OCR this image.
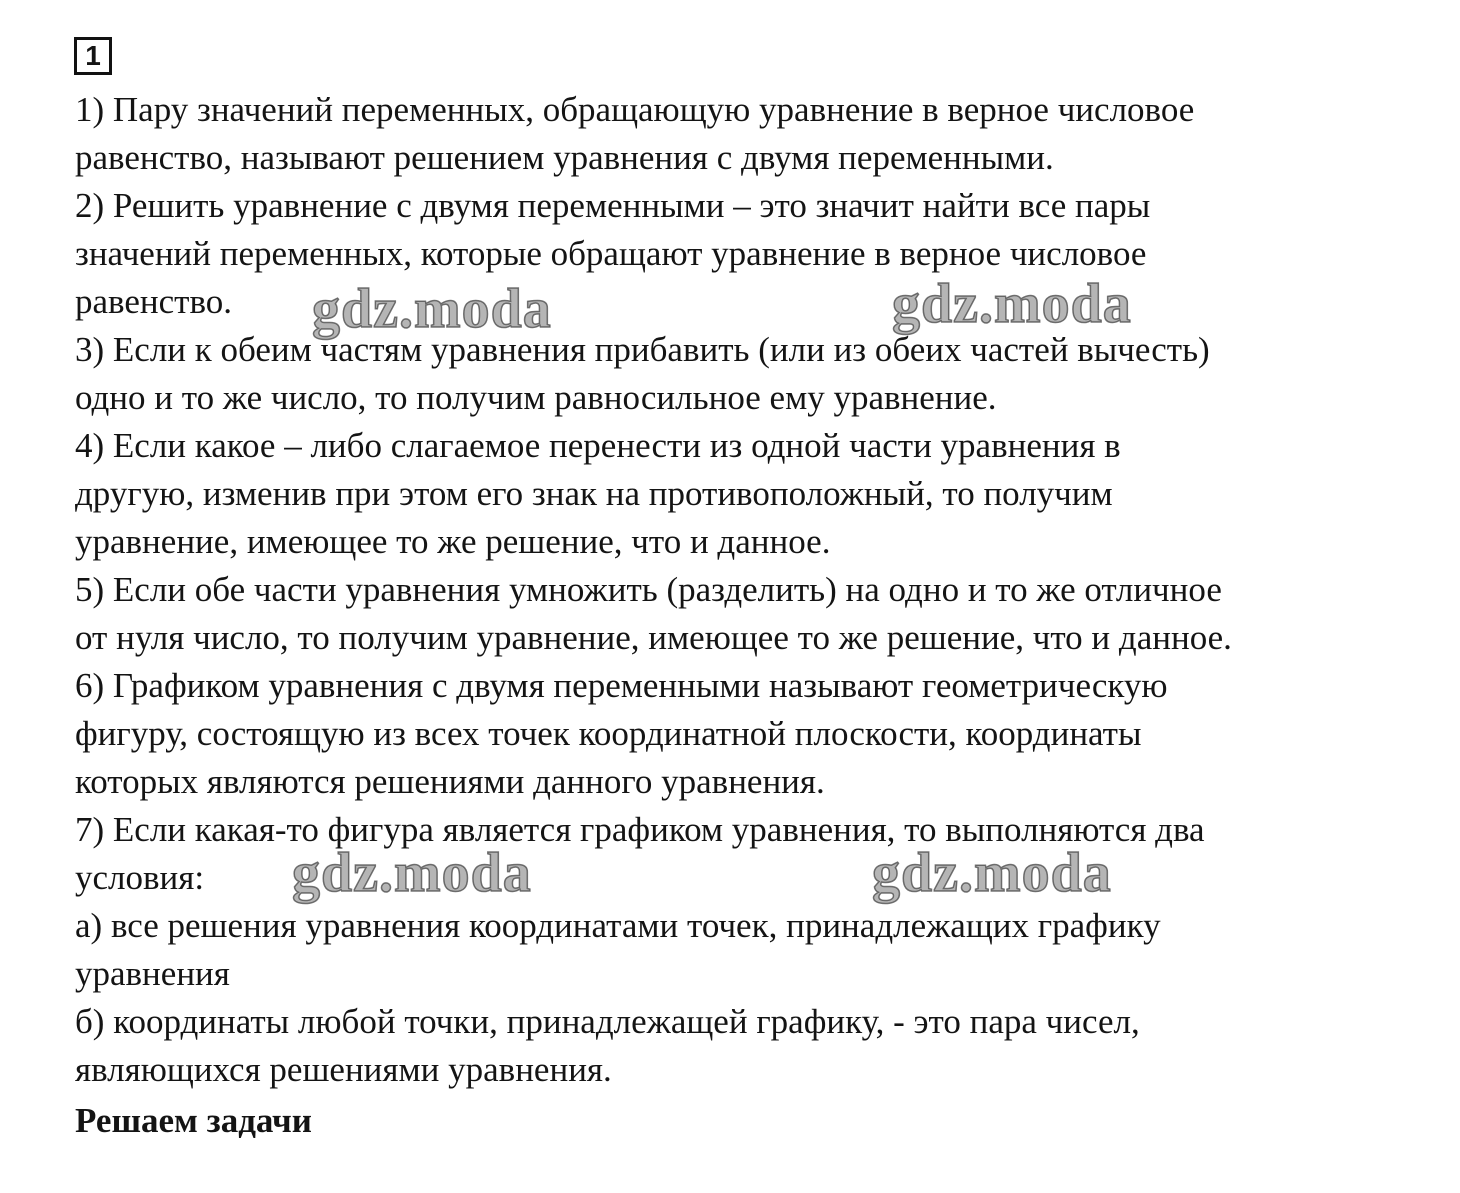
1
1) Пару значений переменных, обращающую уравнение в верное числовое
равенство, называют решением уравнения с двумя переменными.
2) Решить уравнение с двумя переменными – это значит найти все пары
значений переменных, которые обращают уравнение в верное числовое
равенство.
3) Если к обеим частям уравнения прибавить (или из обеих частей вычесть)
одно и то же число, то получим равносильное ему уравнение.
4) Если какое – либо слагаемое перенести из одной части уравнения в
другую, изменив при этом его знак на противоположный, то получим
уравнение, имеющее то же решение, что и данное.
5) Если обе части уравнения умножить (разделить) на одно и то же отличное
от нуля число, то получим уравнение, имеющее то же решение, что и данное.
6) Графиком уравнения с двумя переменными называют геометрическую
фигуру, состоящую из всех точек координатной плоскости, координаты
которых являются решениями данного уравнения.
7) Если какая-то фигура является графиком уравнения, то выполняются два
условия:
а) все решения уравнения координатами точек, принадлежащих графику
уравнения
б) координаты любой точки, принадлежащей графику, - это пара чисел,
являющихся решениями уравнения.
Решаем задачи
gdz.moda	gdz.moda
gdz.moda	gdz.moda
